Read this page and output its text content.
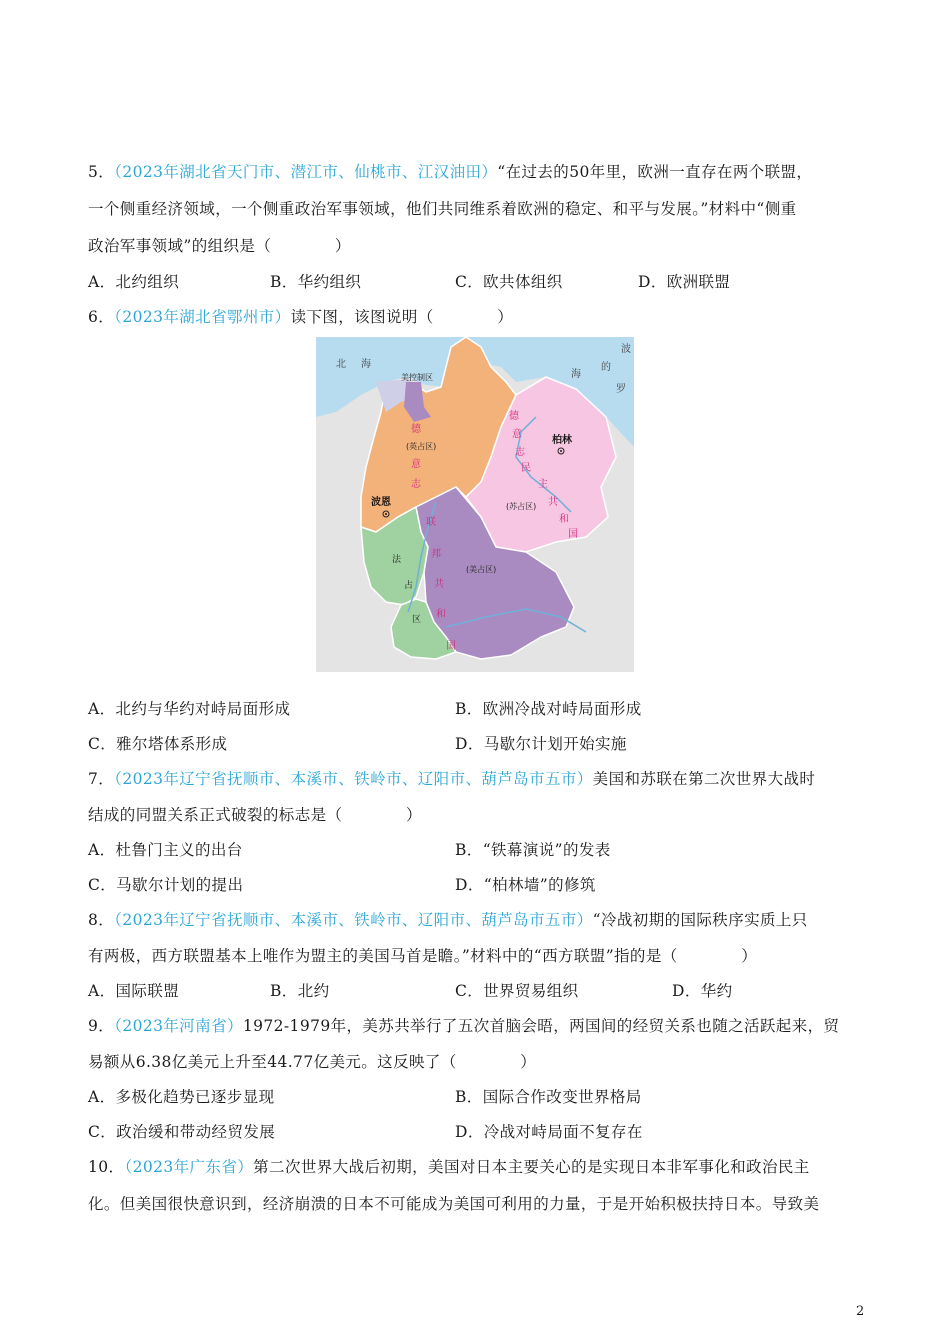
5．（2023年湖北省天门市、潜江市、仙桃市、江汉油田）“在过去的50年里，欧洲一直存在两个联盟，
一个侧重经济领域，一个侧重政治军事领域，他们共同维系着欧洲的稳定、和平与发展。”材料中“侧重
政治军事领域”的组织是（　　　　）
A．北约组织	B．华约组织	C．欧共体组织	D．欧洲联盟
6．（2023年湖北省鄂州市）读下图，该图说明（　　　　）
北 海
波
的
海
罗
美控制区
德
意
志
联
邦
共
和
国
德
意
志
民
主
共
和
国
法
占
区
(英占区)
(苏占区)
(美占区)
柏林
波恩
A．北约与华约对峙局面形成	B．欧洲冷战对峙局面形成
C．雅尔塔体系形成	D．马歇尔计划开始实施
7．（2023年辽宁省抚顺市、本溪市、铁岭市、辽阳市、葫芦岛市五市）美国和苏联在第二次世界大战时
结成的同盟关系正式破裂的标志是（　　　　）
A．杜鲁门主义的出台	B．“铁幕演说”的发表
C．马歇尔计划的提出	D．“柏林墙”的修筑
8．（2023年辽宁省抚顺市、本溪市、铁岭市、辽阳市、葫芦岛市五市）“冷战初期的国际秩序实质上只
有两极，西方联盟基本上唯作为盟主的美国马首是瞻。”材料中的“西方联盟”指的是（　　　　）
A．国际联盟	B．北约	C．世界贸易组织	D．华约
9．（2023年河南省）1972-1979年，美苏共举行了五次首脑会晤，两国间的经贸关系也随之活跃起来，贸
易额从6.38亿美元上升至44.77亿美元。这反映了（　　　　）
A．多极化趋势已逐步显现	B．国际合作改变世界格局
C．政治缓和带动经贸发展	D．冷战对峙局面不复存在
10．（2023年广东省）第二次世界大战后初期，美国对日本主要关心的是实现日本非军事化和政治民主
化。但美国很快意识到，经济崩溃的日本不可能成为美国可利用的力量，于是开始积极扶持日本。导致美
2
